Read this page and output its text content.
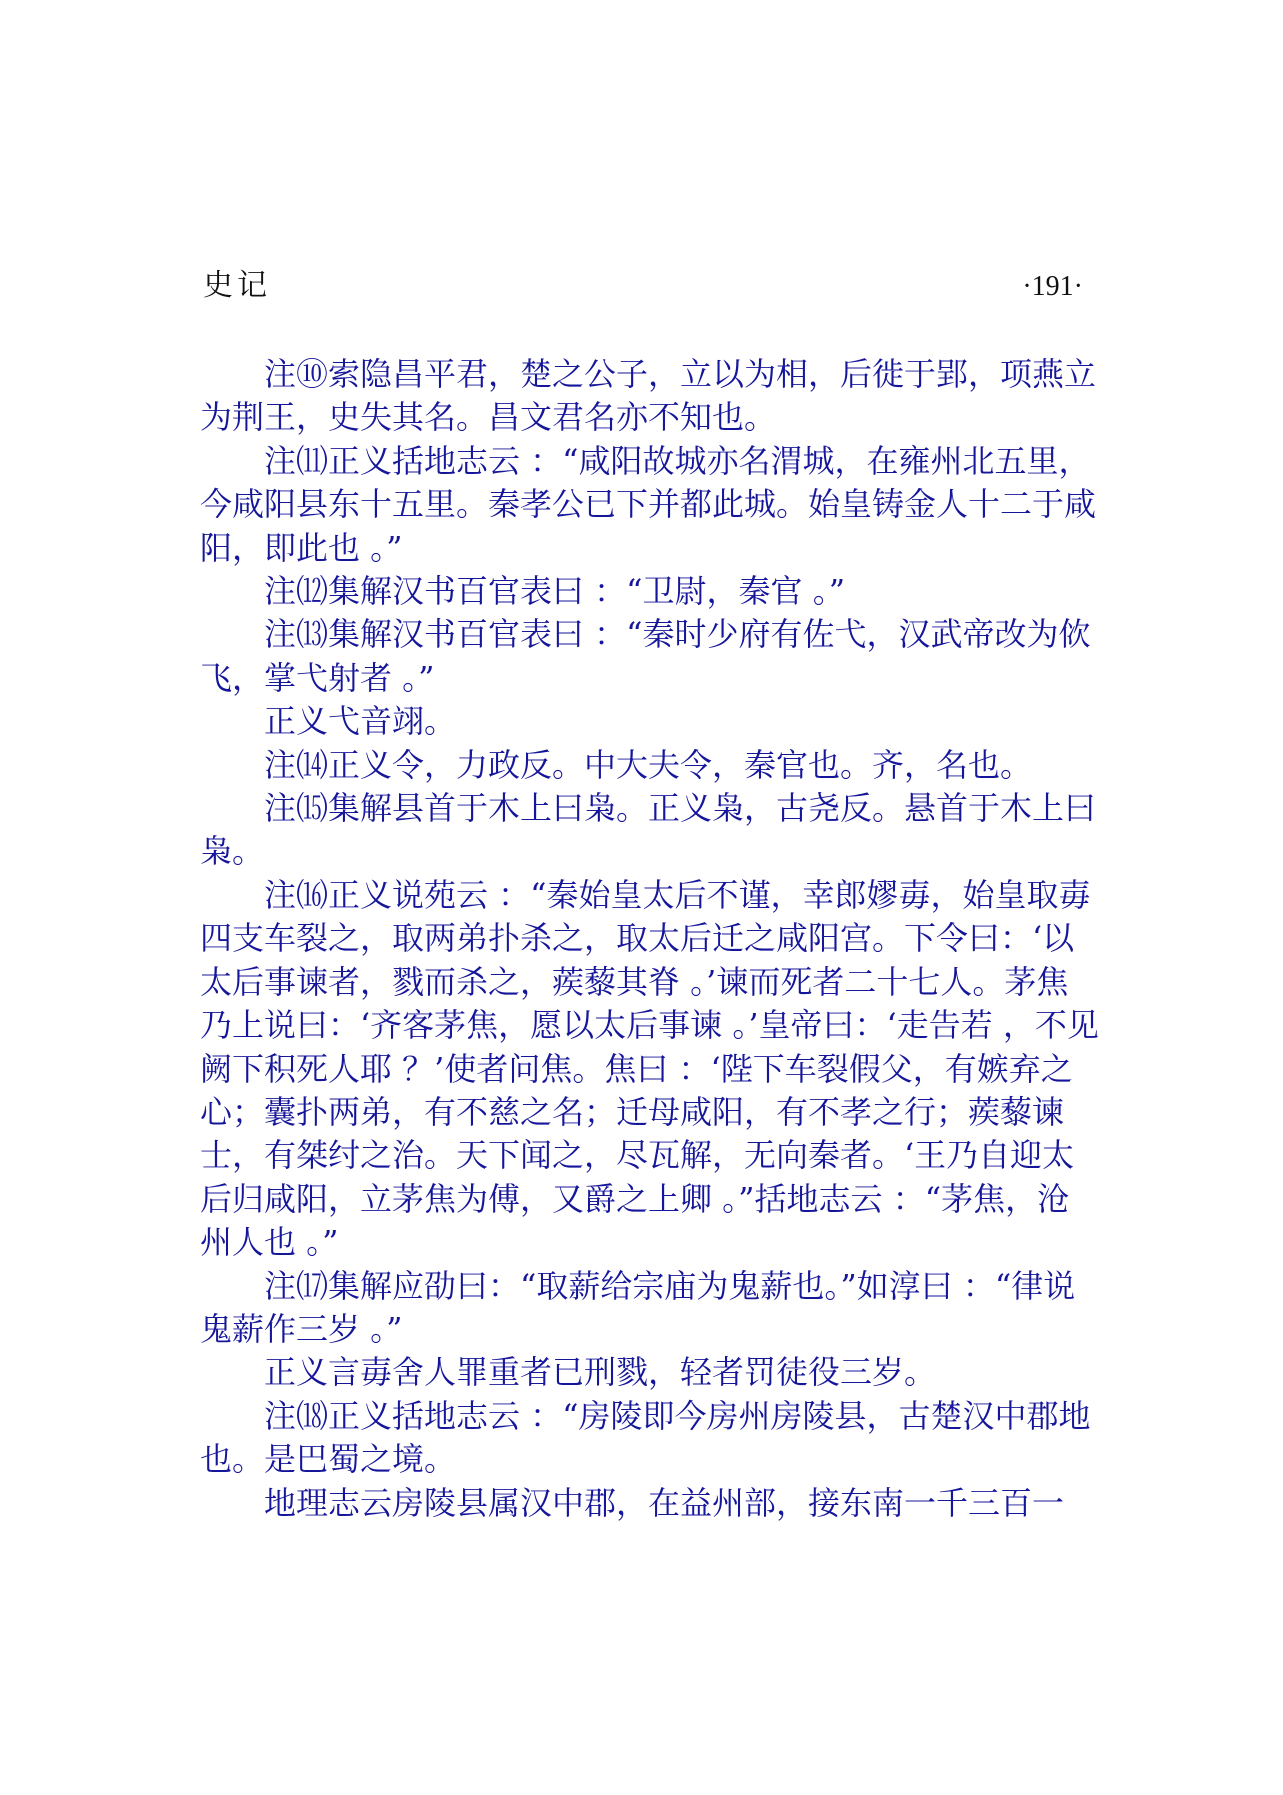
史记	·191·

注⑩索隐昌平君，楚之公子，立以为相，后徙于郢，项燕立为荆王，史失其名。昌文君名亦不知也。

注⑾正义括地志云 ：“咸阳故城亦名渭城，在雍州北五里，今咸阳县东十五里。秦孝公已下并都此城。始皇铸金人十二于咸阳，即此也 。”

注⑿集解汉书百官表曰 ：“卫尉，秦官 。”

注⒀集解汉书百官表曰 ：“秦时少府有佐弋，汉武帝改为佽飞，掌弋射者 。”

正义弋音翊。

注⒁正义令，力政反。中大夫令，秦官也。齐，名也。

注⒂集解县首于木上曰枭。正义枭，古尧反。悬首于木上曰枭。

注⒃正义说苑云 ：“秦始皇太后不谨，幸郎嫪毐，始皇取毐四支车裂之，取两弟扑杀之，取太后迁之咸阳宫。下令曰：‘以太后事谏者，戮而杀之，蒺藜其脊 。’谏而死者二十七人。茅焦乃上说曰：‘齐客茅焦，愿以太后事谏 。’皇帝曰：‘走告若 ，不见阙下积死人耶 ？’使者问焦。焦曰 ：‘陛下车裂假父，有嫉弃之心；囊扑两弟，有不慈之名；迁母咸阳，有不孝之行；蒺藜谏士，有桀纣之治。天下闻之，尽瓦解，无向秦者。‘王乃自迎太后归咸阳，立茅焦为傅，又爵之上卿 。”括地志云 ：“茅焦，沧州人也 。”

注⒄集解应劭曰：“取薪给宗庙为鬼薪也。”如淳曰 ：“律说鬼薪作三岁 。”

正义言毐舍人罪重者已刑戮，轻者罚徒役三岁。

注⒅正义括地志云 ：“房陵即今房州房陵县，古楚汉中郡地也。是巴蜀之境。

地理志云房陵县属汉中郡，在益州部，接东南一千三百一
